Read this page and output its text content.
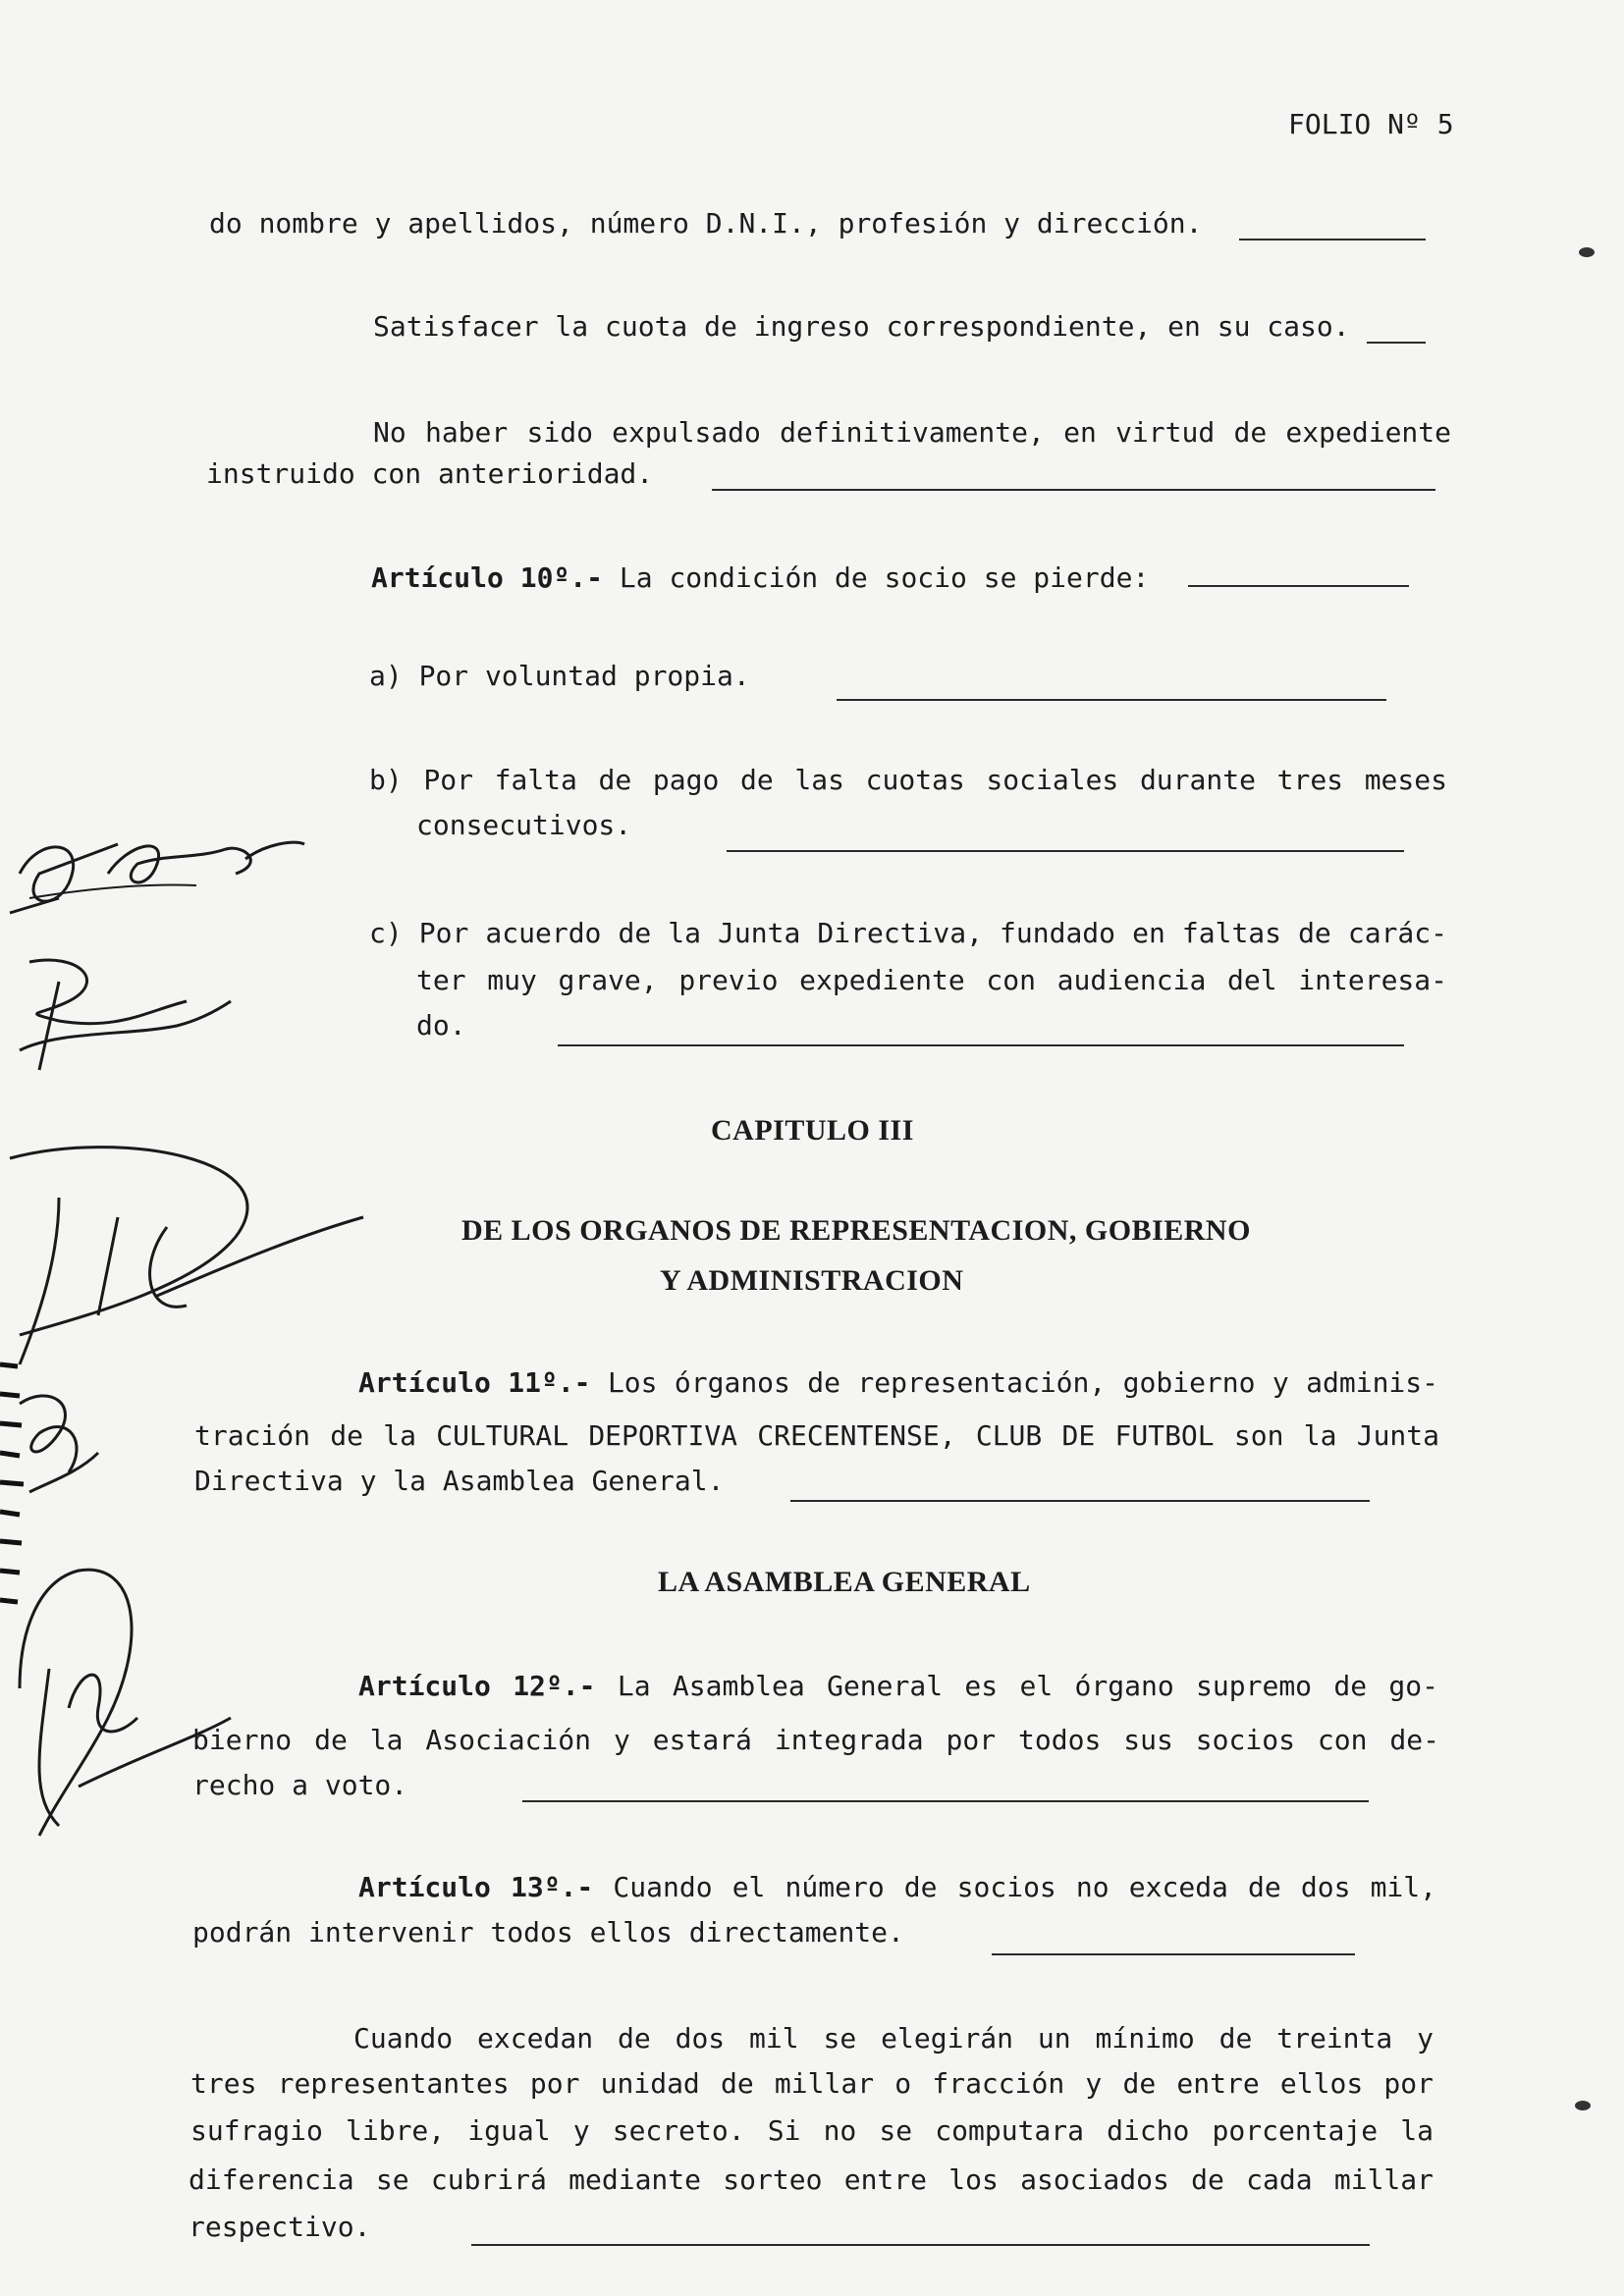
FOLIO Nº 5
do nombre y apellidos, número D.N.I., profesión y dirección.
Satisfacer la cuota de ingreso correspondiente, en su caso.
No haber sido expulsado definitivamente, en virtud de expediente
instruido con anterioridad.
Artículo 10º.- La condición de socio se pierde:
a) Por voluntad propia.
b) Por falta de pago de las cuotas sociales durante tres meses
consecutivos.
c) Por acuerdo de la Junta Directiva, fundado en faltas de carác-
ter muy grave, previo expediente con audiencia del interesa-
do.
CAPITULO III
DE LOS ORGANOS DE REPRESENTACION, GOBIERNO
Y ADMINISTRACION
Artículo 11º.- Los órganos de representación, gobierno y adminis-
tración de la CULTURAL DEPORTIVA CRECENTENSE, CLUB DE FUTBOL son la Junta
Directiva y la Asamblea General.
LA ASAMBLEA GENERAL
Artículo 12º.- La Asamblea General es el órgano supremo de go-
bierno de la Asociación y estará integrada por todos sus socios con de-
recho a voto.
Artículo 13º.- Cuando el número de socios no exceda de dos mil,
podrán intervenir todos ellos directamente.
Cuando excedan de dos mil se elegirán un mínimo de treinta y
tres representantes por unidad de millar o fracción y de entre ellos por
sufragio libre, igual y secreto. Si no se computara dicho porcentaje la
diferencia se cubrirá mediante sorteo entre los asociados de cada millar
respectivo.
